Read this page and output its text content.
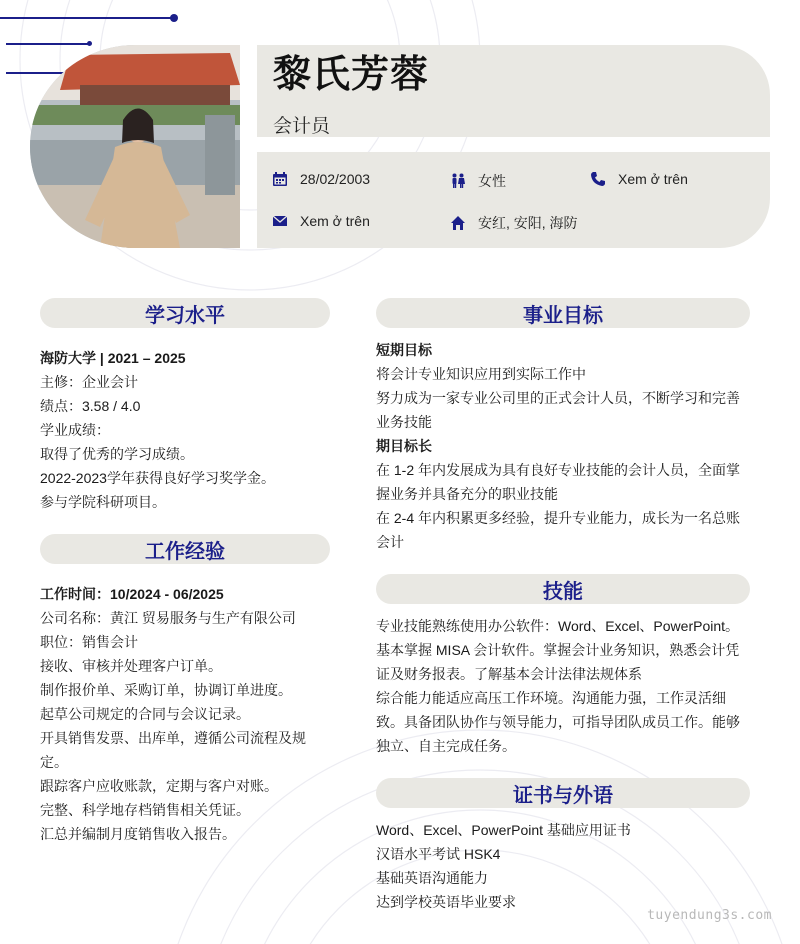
黎氏芳蓉
会计员
28/02/2003	女性	Xem ở trên
Xem ở trên	安红, 安阳, 海防
学习水平
海防大学 | 2021 – 2025
主修：企业会计
绩点：3.58 / 4.0
学业成绩：
取得了优秀的学习成绩。
2022-2023学年获得良好学习奖学金。
参与学院科研项目。
工作经验
工作时间：10/2024 - 06/2025
公司名称：黄江 贸易服务与生产有限公司
职位：销售会计
接收、审核并处理客户订单。
制作报价单、采购订单，协调订单进度。
起草公司规定的合同与会议记录。
开具销售发票、出库单，遵循公司流程及规
定。
跟踪客户应收账款，定期与客户对账。
完整、科学地存档销售相关凭证。
汇总并编制月度销售收入报告。
事业目标
短期目标
将会计专业知识应用到实际工作中
努力成为一家专业公司里的正式会计人员，不断学习和完善
业务技能
期目标长
在 1-2 年内发展成为具有良好专业技能的会计人员，全面掌
握业务并具备充分的职业技能
在 2-4 年内积累更多经验，提升专业能力，成长为一名总账
会计
技能
专业技能熟练使用办公软件：Word、Excel、PowerPoint。
基本掌握 MISA 会计软件。掌握会计业务知识，熟悉会计凭
证及财务报表。了解基本会计法律法规体系
综合能力能适应高压工作环境。沟通能力强，工作灵活细
致。具备团队协作与领导能力，可指导团队成员工作。能够
独立、自主完成任务。
证书与外语
Word、Excel、PowerPoint 基础应用证书
汉语水平考试 HSK4
基础英语沟通能力
达到学校英语毕业要求
tuyendung3s.com
